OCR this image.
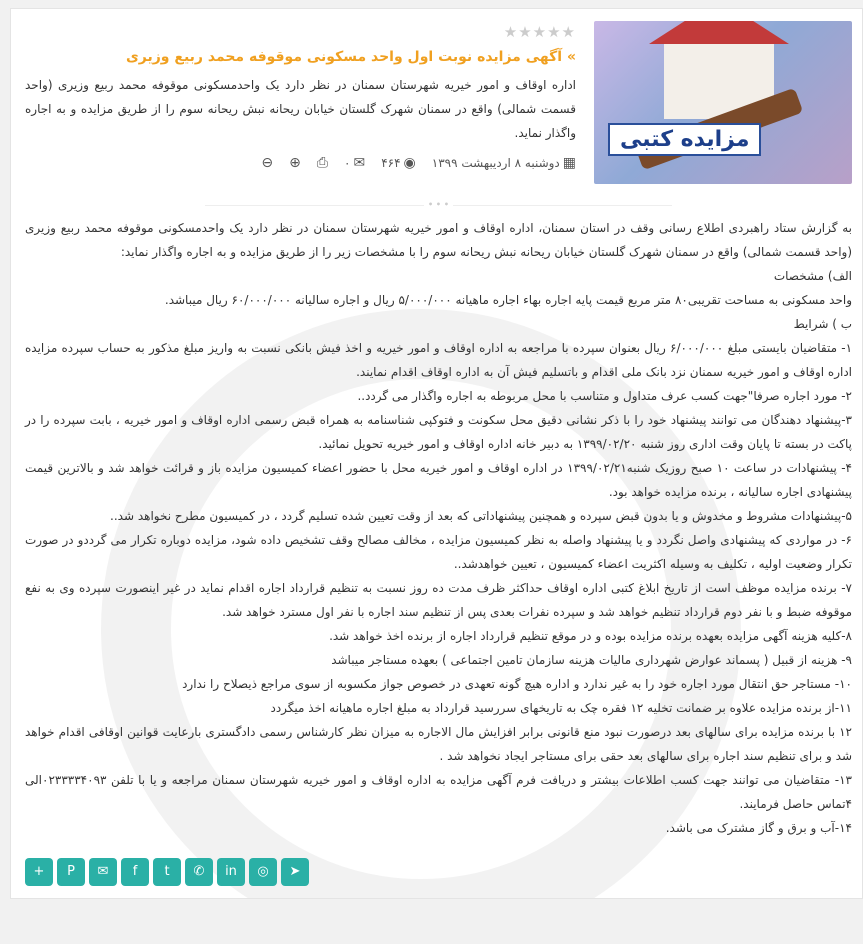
مزایده کتبی
★★★★★
» آگهی مزایده نوبت اول واحد مسکونی موقوفه محمد ربیع وزیری
اداره اوقاف و امور خیریه شهرستان سمنان در نظر دارد یک واحدمسکونی موقوفه محمد ربیع وزیری (واحد قسمت شمالی) واقع در سمنان شهرک گلستان خیابان ریحانه نبش ریحانه سوم را از طریق مزایده و به اجاره واگذار نماید.
▦
دوشنبه ۸ اردیبهشت ۱۳۹۹
◉
۴۶۴
✉
۰
⎙
⊕
⊖
• • •

به گزارش ستاد راهبردی اطلاع رسانی وقف در استان سمنان، اداره اوقاف و امور خیریه شهرستان سمنان در نظر دارد یک واحدمسکونی موقوفه محمد ربیع وزیری (واحد قسمت شمالی) واقع در سمنان شهرک گلستان خیابان ریحانه نبش ریحانه سوم را با مشخصات زیر را از طریق مزایده و به اجاره واگذار نماید:

الف) مشخصات

واحد مسکونی به مساحت تقریبی۸۰ متر مربع قیمت پایه اجاره بهاء اجاره ماهیانه ۵/۰۰۰/۰۰۰ ریال و اجاره سالیانه ۶۰/۰۰۰/۰۰۰ ریال میباشد.

ب ) شرایط

۱- متقاضیان بایستی مبلغ ۶/۰۰۰/۰۰۰ ریال بعنوان سپرده با مراجعه به اداره اوقاف و امور خیریه و اخذ فیش بانکی نسبت به واریز مبلغ مذکور به حساب سپرده مزایده اداره اوقاف و امور خیریه سمنان نزد بانک ملی اقدام و باتسلیم فیش آن به اداره اوقاف اقدام نمایند.

۲- مورد اجاره صرفا"جهت کسب عرف متداول و متناسب با محل مربوطه به اجاره واگذار می گردد..

۳-پیشنهاد دهندگان می توانند پیشنهاد خود را با ذکر نشانی دقیق محل سکونت و فتوکپی شناسنامه به همراه قبض رسمی اداره اوقاف و امور خیریه ، بابت سپرده را در پاکت در بسته تا پایان وقت اداری روز شنبه ۱۳۹۹/۰۲/۲۰ به دبیر خانه اداره اوقاف و امور خیریه تحویل نمائید.

۴- پیشنهادات در ساعت ۱۰ صبح روزیک شنبه۱۳۹۹/۰۲/۲۱ در اداره اوقاف و امور خیریه محل با حضور اعضاء کمیسیون مزایده باز و قرائت خواهد شد و بالاترین قیمت پیشنهادی اجاره سالیانه ، برنده مزایده خواهد بود.

۵-پیشنهادات مشروط و مخدوش و یا بدون قبض سپرده و همچنین پیشنهاداتی که بعد از وقت تعیین شده تسلیم گردد ، در کمیسیون مطرح نخواهد شد..

۶- در مواردی که پیشنهادی واصل نگردد و یا پیشنهاد واصله به نظر کمیسیون مزایده ، مخالف مصالح وقف تشخیص داده شود، مزایده دوباره تکرار می گرددو در صورت تکرار وضعیت اولیه ، تکلیف به وسیله اکثریت اعضاء کمیسیون ، تعیین خواهدشد..

۷- برنده مزایده موظف است از تاریخ ابلاغ کتبی اداره اوقاف حداکثر ظرف مدت ده روز نسبت به تنظیم قرارداد اجاره اقدام نماید در غیر اینصورت سپرده وی به نفع موقوفه ضبط و با نفر دوم قرارداد تنظیم خواهد شد و سپرده نفرات بعدی پس از تنظیم سند اجاره با نفر اول مسترد خواهد شد.

۸-کلیه هزینه آگهی مزایده بعهده برنده مزایده بوده و در موقع تنظیم قرارداد اجاره از برنده اخذ خواهد شد.

۹- هزینه از قبیل ( پسماند عوارض شهرداری مالیات هزینه سازمان تامین اجتماعی ) بعهده مستاجر میباشد

۱۰- مستاجر حق انتقال مورد اجاره خود را به غیر ندارد و اداره هیچ گونه تعهدی در خصوص جواز مکسوبه از سوی مراجع ذیصلاح را ندارد

۱۱-از برنده مزایده علاوه بر ضمانت تخلیه ۱۲ فقره چک به تاریخهای سررسید قرارداد به مبلغ اجاره ماهیانه اخذ میگردد

۱۲ با برنده مزایده برای سالهای بعد درصورت نبود منع قانونی برابر افزایش مال الاجاره به میزان نظر کارشناس رسمی دادگستری بارعایت قوانین اوقافی اقدام خواهد شد و برای تنظیم سند اجاره برای سالهای بعد حقی برای مستاجر ایجاد نخواهد شد .

۱۳- متقاضیان می توانند جهت کسب اطلاعات بیشتر و دریافت فرم آگهی مزایده به اداره اوقاف و امور خیریه شهرستان سمنان مراجعه و یا با تلفن ۰۲۳۳۳۳۴۰۹۳الی ۴تماس حاصل فرمایند.

۱۴-آب و برق و گاز مشترک می باشد.

+	P	✉	f	t	✆	in	◎	➤
